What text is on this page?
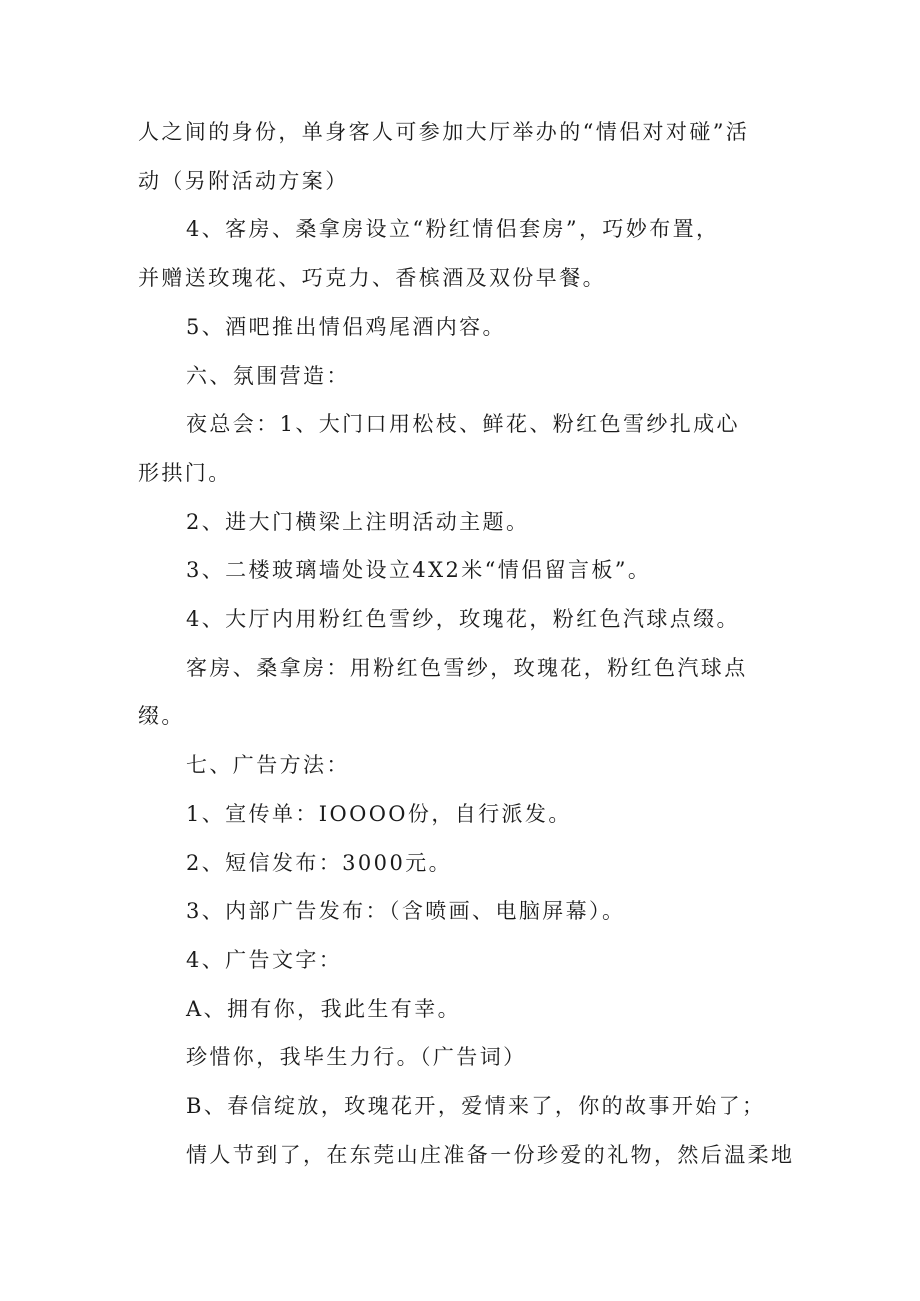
人之间的身份，单身客人可参加大厅举办的“情侣对对碰”活
动（另附活动方案）
4、客房、桑拿房设立“粉红情侣套房”，巧妙布置，
并赠送玫瑰花、巧克力、香槟酒及双份早餐。
5、酒吧推出情侣鸡尾酒内容。
六、氛围营造：
夜总会：1、大门口用松枝、鲜花、粉红色雪纱扎成心
形拱门。
2、进大门横梁上注明活动主题。
3、二楼玻璃墙处设立4X2米“情侣留言板”。
4、大厅内用粉红色雪纱，玫瑰花，粉红色汽球点缀。
客房、桑拿房：用粉红色雪纱，玫瑰花，粉红色汽球点
缀。
七、广告方法：
1、宣传单：IOOOO份，自行派发。
2、短信发布：3000元。
3、内部广告发布：（含喷画、电脑屏幕）。
4、广告文字：
A、拥有你，我此生有幸。
珍惜你，我毕生力行。（广告词）
B、春信绽放，玫瑰花开，爱情来了，你的故事开始了；
情人节到了，在东莞山庄准备一份珍爱的礼物，然后温柔地
